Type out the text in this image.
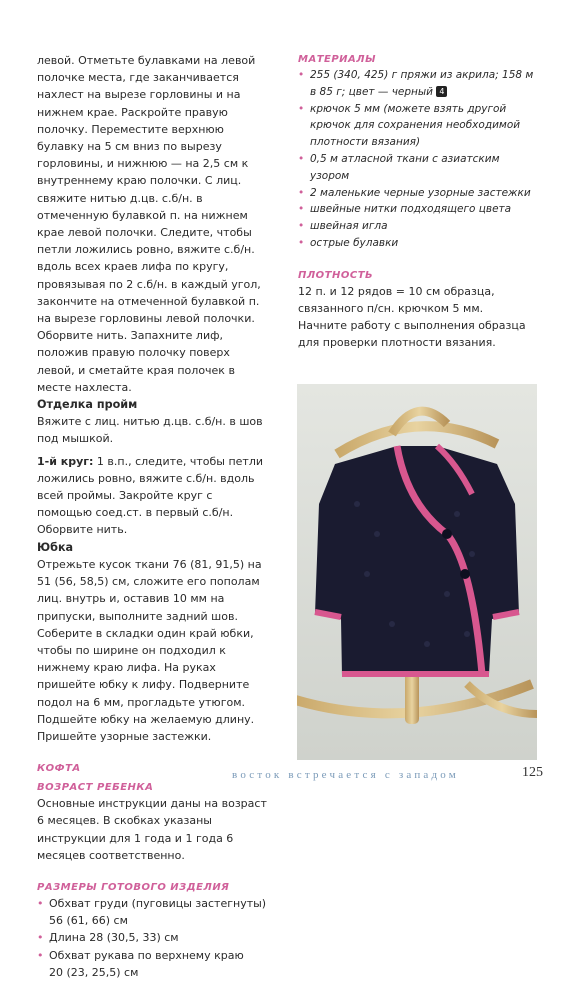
левой. Отметьте булавками на левой полочке места, где заканчивается нахлест на вырезе горловины и на нижнем крае. Раскройте правую полочку. Переместите верхнюю булавку на 5 см вниз по вырезу горловины, и нижнюю — на 2,5 см к внутреннему краю полочки. С лиц. свяжите нитью д.цв. с.б/н. в отмеченную булавкой п. на нижнем крае левой полочки. Следите, чтобы петли ложились ровно, вяжите с.б/н. вдоль всех краев лифа по кругу, провязывая по 2 с.б/н. в каждый угол, закончите на отмеченной булавкой п. на вырезе горловины левой полочки. Оборвите нить. Запахните лиф, положив правую полочку поверх левой, и сметайте края полочек в месте нахлеста.

Отделка пройм

Вяжите с лиц. нитью д.цв. с.б/н. в шов под мышкой.

1-й круг: 1 в.п., следите, чтобы петли ложились ровно, вяжите с.б/н. вдоль всей проймы. Закройте круг с помощью соед.ст. в первый с.б/н. Оборвите нить.

Юбка

Отрежьте кусок ткани 76 (81, 91,5) на 51 (56, 58,5) см, сложите его пополам лиц. внутрь и, оставив 10 мм на припуски, выполните задний шов. Соберите в складки один край юбки, чтобы по ширине он подходил к нижнему краю лифа. На руках пришейте юбку к лифу. Подверните подол на 6 мм, прогладьте утюгом. Подшейте юбку на желаемую длину.

Пришейте узорные застежки.

КОФТА

ВОЗРАСТ РЕБЕНКА

Основные инструкции даны на возраст 6 месяцев. В скобках указаны инструкции для 1 года и 1 года 6 месяцев соответственно.

РАЗМЕРЫ ГОТОВОГО ИЗДЕЛИЯ

• Обхват груди (пуговицы застегнуты)
56 (61, 66) см
• Длина 28 (30,5, 33) см
• Обхват рукава по верхнему краю
20 (23, 25,5) см

МАТЕРИАЛЫ

• 255 (340, 425) г пряжи из акрила; 158 м в 85 г; цвет — черный 4
• крючок 5 мм (можете взять другой крючок для сохранения необходимой плотности вязания)
• 0,5 м атласной ткани с азиатским узором
• 2 маленькие черные узорные застежки
• швейные нитки подходящего цвета
• швейная игла
• острые булавки

ПЛОТНОСТЬ

12 п. и 12 рядов = 10 см образца, связанного п/сн. крючком 5 мм.

Начните работу с выполнения образца для проверки плотности вязания.

восток встречается с западом	125
